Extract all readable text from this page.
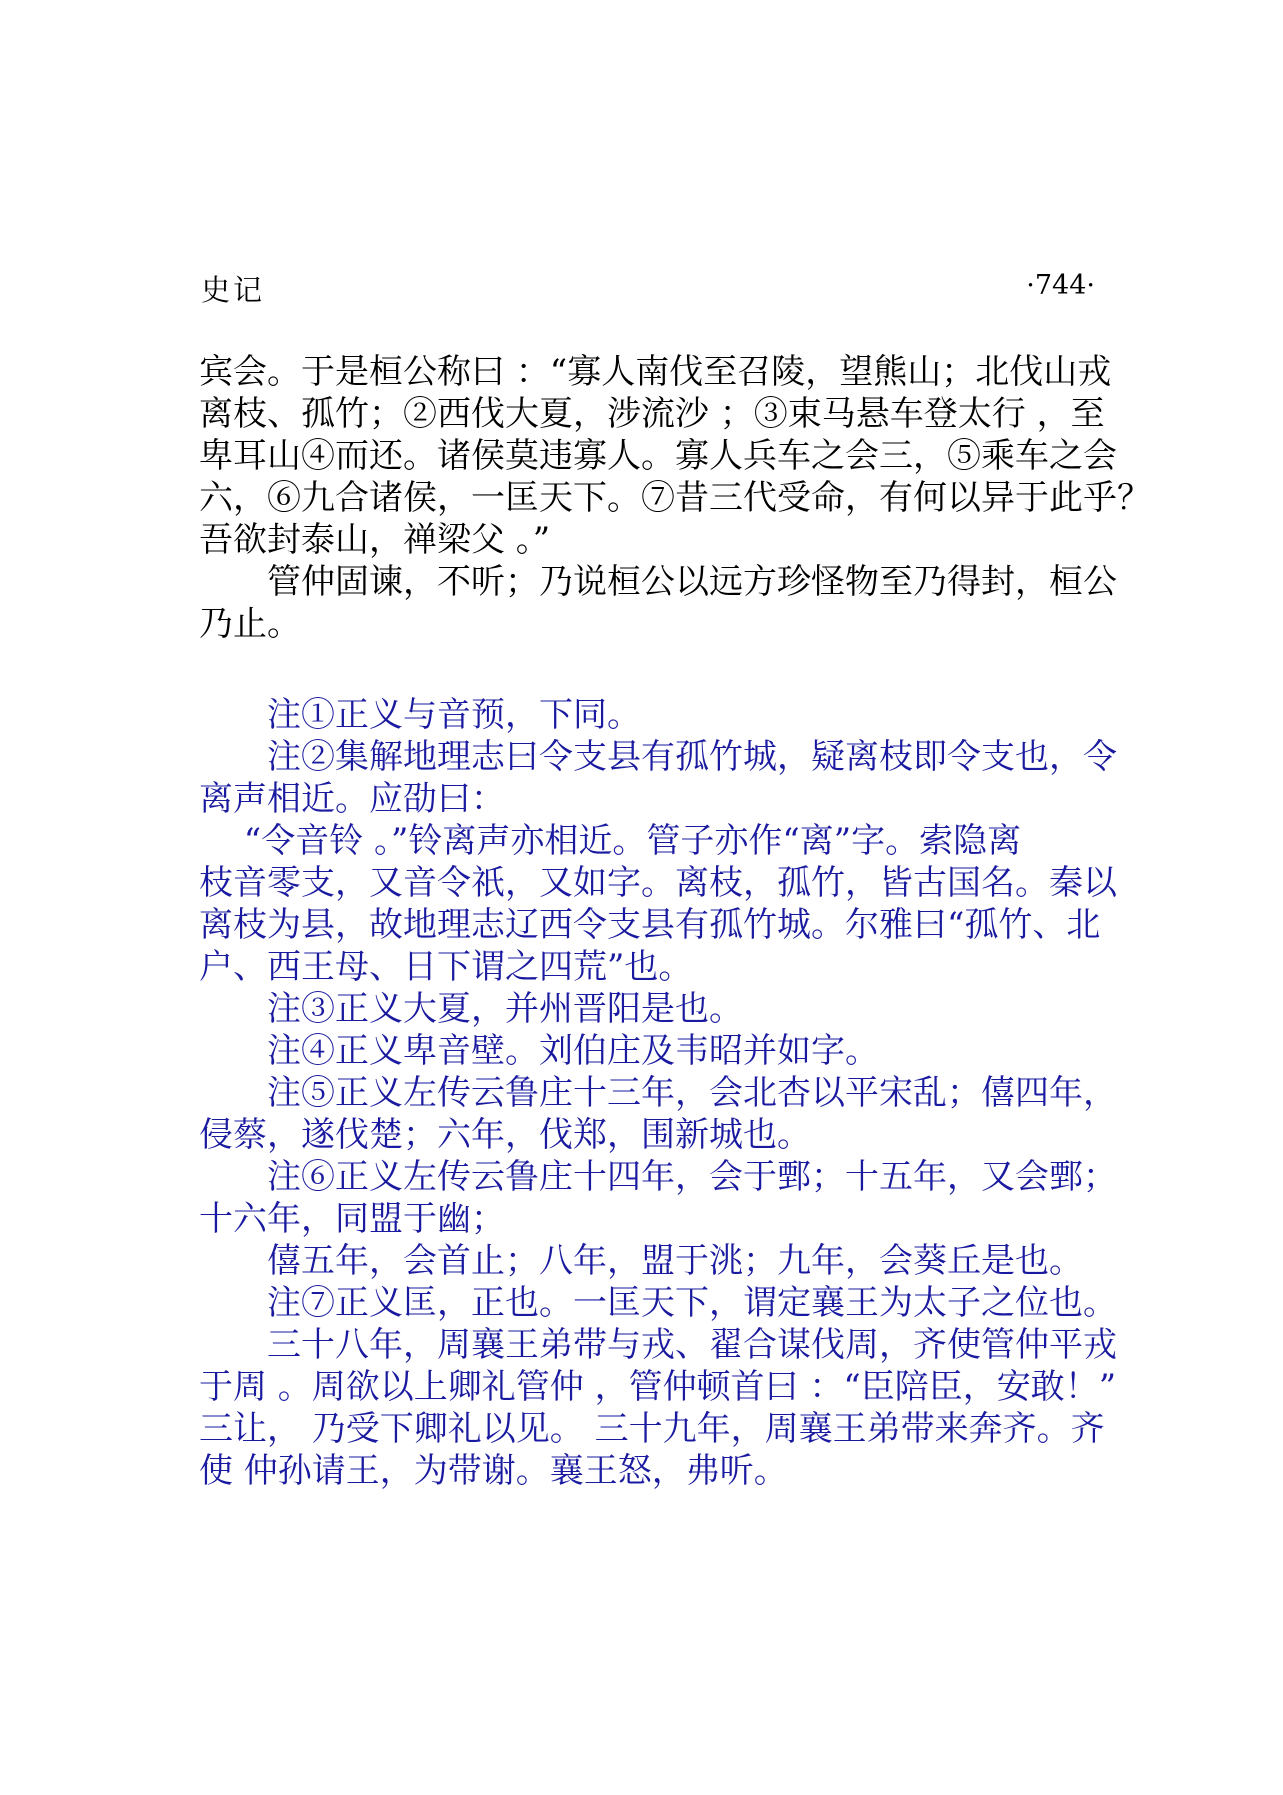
史记	·744·
宾会。于是桓公称曰 ：“寡人南伐至召陵，望熊山；北伐山戎
离枝、孤竹；②西伐大夏，涉流沙 ；③束马悬车登太行 ，至
卑耳山④而还。诸侯莫违寡人。寡人兵车之会三，⑤乘车之会
六，⑥九合诸侯，一匡天下。⑦昔三代受命，有何以异于此乎？
吾欲封泰山，禅梁父 。”
　　管仲固谏，不听；乃说桓公以远方珍怪物至乃得封，桓公
乃止。
　　注①正义与音预，下同。
　　注②集解地理志曰令支县有孤竹城，疑离枝即令支也，令
离声相近。应劭曰：
　 “令音铃 。”铃离声亦相近。管子亦作“离”字。索隐离
枝音零支，又音令祇，又如字。离枝，孤竹，皆古国名。秦以
离枝为县，故地理志辽西令支县有孤竹城。尔雅曰“孤竹、北
户、西王母、日下谓之四荒”也。
　　注③正义大夏，并州晋阳是也。
　　注④正义卑音壁。刘伯庄及韦昭并如字。
　　注⑤正义左传云鲁庄十三年，会北杏以平宋乱；僖四年，
侵蔡，遂伐楚；六年，伐郑，围新城也。
　　注⑥正义左传云鲁庄十四年，会于鄄；十五年，又会鄄；
十六年，同盟于幽；
　　僖五年，会首止；八年，盟于洮；九年，会葵丘是也。
　　注⑦正义匡，正也。一匡天下，谓定襄王为太子之位也。
　　三十八年，周襄王弟带与戎、翟合谋伐周，齐使管仲平戎
于周 。周欲以上卿礼管仲 ，管仲顿首曰 ：“臣陪臣，安敢！”
三让， 乃受下卿礼以见。 三十九年，周襄王弟带来奔齐。齐
使 仲孙请王，为带谢。襄王怒，弗听。
